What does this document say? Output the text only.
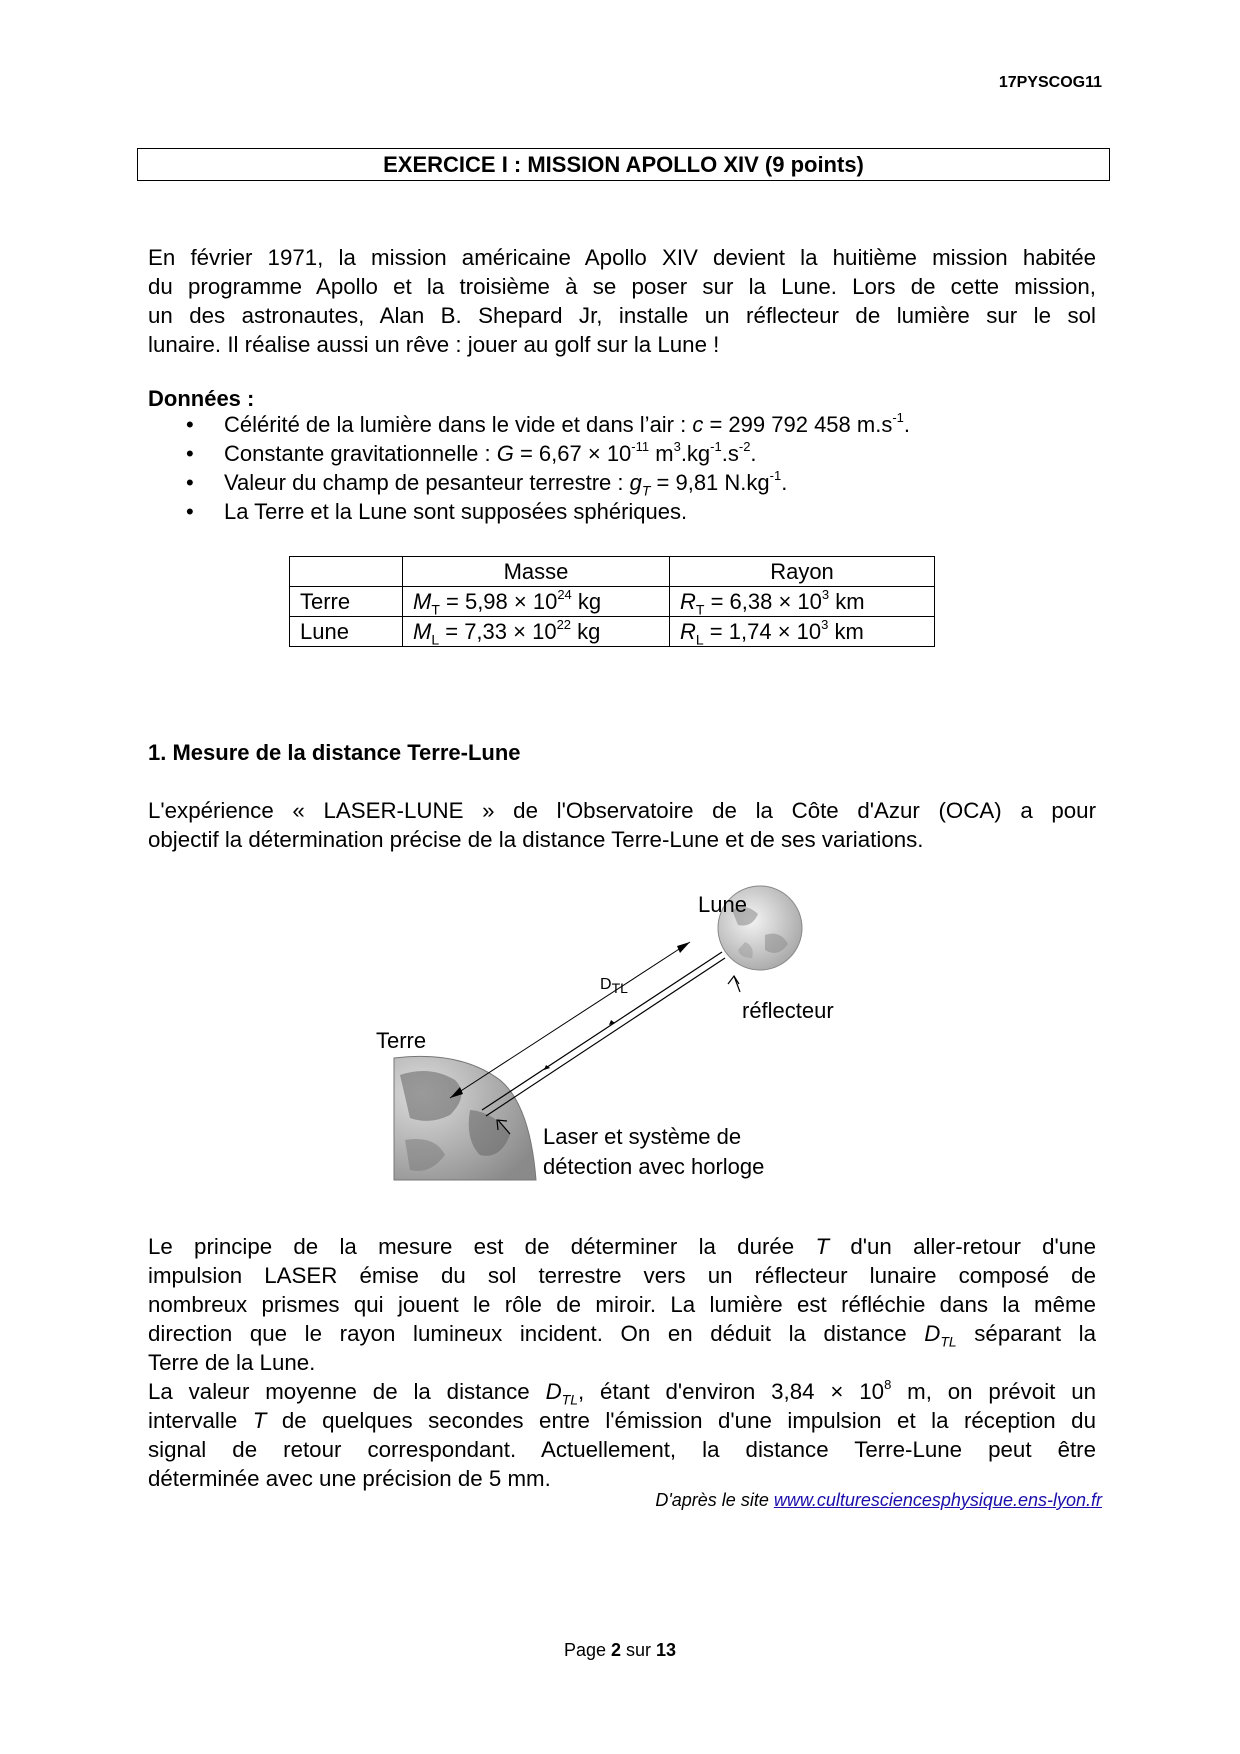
17PYSCOG11
EXERCICE I : MISSION APOLLO XIV (9 points)

En février 1971, la mission américaine Apollo XIV devient la huitième mission habitée

du programme Apollo et la troisième à se poser sur la Lune. Lors de cette mission,

un des astronautes, Alan B. Shepard Jr, installe un réflecteur de lumière sur le sol

lunaire. Il réalise aussi un rêve : jouer au golf sur la Lune !

Données :
• Célérité de la lumière dans le vide et dans l’air : c = 299 792 458 $m.s^{-1}$.
• Constante gravitationnelle : $G = 6,67 \times 10^{-11}$ $m^3.kg^{-1}.s^{-2}$.
• Valeur du champ de pesanteur terrestre : $g_T = 9,81$ $N.kg^{-1}$.
• La Terre et la Lune sont supposées sphériques.
	Masse	Rayon
Terre	$M_T = 5,98 \times 10^{24}$ kg	$R_T = 6,38 \times 10^3$ km
Lune	$M_L = 7,33 \times 10^{22}$ kg	$R_L = 1,74 \times 10^3$ km
1. Mesure de la distance Terre-Lune

L'expérience « LASER-LUNE » de l'Observatoire de la Côte d'Azur (OCA) a pour

objectif la détermination précise de la distance Terre-Lune et de ses variations.

Lune
DTL
réflecteur
Terre
Laser et système de
détection avec horloge

Le principe de la mesure est de déterminer la durée T d'un aller-retour d'une

impulsion LASER émise du sol terrestre vers un réflecteur lunaire composé de

nombreux prismes qui jouent le rôle de miroir. La lumière est réfléchie dans la même

direction que le rayon lumineux incident. On en déduit la distance $D_{TL}$ séparant la

Terre de la Lune.

La valeur moyenne de la distance $D_{TL}$, étant d'environ $3,84 \times 10^8$ m, on prévoit un

intervalle T de quelques secondes entre l'émission d'une impulsion et la réception du

signal de retour correspondant. Actuellement, la distance Terre-Lune peut être

déterminée avec une précision de 5 mm.

D'après le site www.culturesciencesphysique.ens-lyon.fr
Page 2 sur 13
